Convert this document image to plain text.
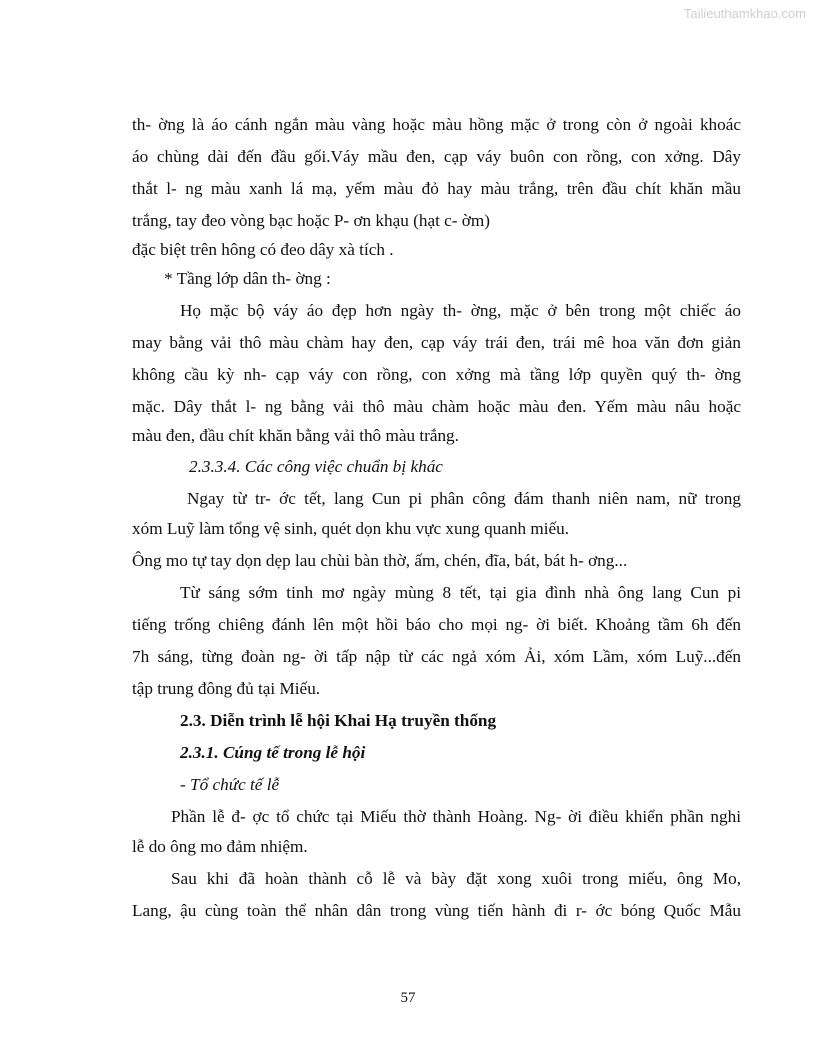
Tailieuthamkhao.com
th- ờng là áo cánh ngắn màu vàng hoặc màu hồng mặc ở trong còn ở ngoài khoác
áo chùng dài đến đầu gối.Váy mầu đen, cạp váy buôn con rồng, con xởng. Dây
thắt l- ng màu xanh lá mạ, yếm màu đỏ hay màu trắng, trên đầu chít khăn mầu
trắng, tay đeo vòng bạc hoặc P- ơn khạu (hạt c- ờm)
đặc biệt trên hông có đeo dây xà tích .
* Tầng lớp dân th- ờng :
Họ mặc bộ váy áo đẹp hơn ngày th- ờng, mặc ở bên trong một chiếc áo
may bằng vải thô màu chàm hay đen, cạp váy trái đen, trái mê hoa văn đơn giản
không cầu kỳ nh- cạp váy con rồng, con xởng mà tầng lớp quyền quý th- ờng
mặc. Dây thắt l- ng bằng vải thô màu chàm hoặc màu đen. Yếm màu nâu hoặc
màu đen, đầu chít khăn bằng vải thô màu trắng.
2.3.3.4. Các công việc chuẩn bị khác
Ngay từ tr- ớc tết, lang Cun pi phân công đám thanh niên nam, nữ trong
xóm Luỹ làm tổng vệ sinh, quét dọn khu vực xung quanh miếu.
Ông mo tự tay dọn dẹp lau chùi bàn thờ, ấm, chén, đĩa, bát, bát h- ơng...
Từ sáng sớm tinh mơ ngày mùng 8 tết, tại gia đình nhà ông lang Cun pi
tiếng trống chiêng đánh lên một hồi báo cho mọi ng- ời biết. Khoảng tầm 6h đến
7h sáng, từng đoàn ng- ời tấp nập từ các ngả xóm Ải, xóm Lầm, xóm Luỹ...đến
tập trung đông đủ tại Miếu.
2.3. Diễn trình lễ hội Khai Hạ truyền thống
2.3.1. Cúng tế trong lễ hội
- Tổ chức tế lễ
Phần lễ đ- ợc tổ chức tại Miếu thờ thành Hoàng. Ng- ời điều khiển phần nghi
lễ do ông mo đảm nhiệm.
Sau khi đã hoàn thành cỗ lễ và bày đặt xong xuôi trong miếu, ông Mo,
Lang, ậu cùng toàn thể nhân dân trong vùng tiến hành đi r- ớc bóng Quốc Mẫu
57
